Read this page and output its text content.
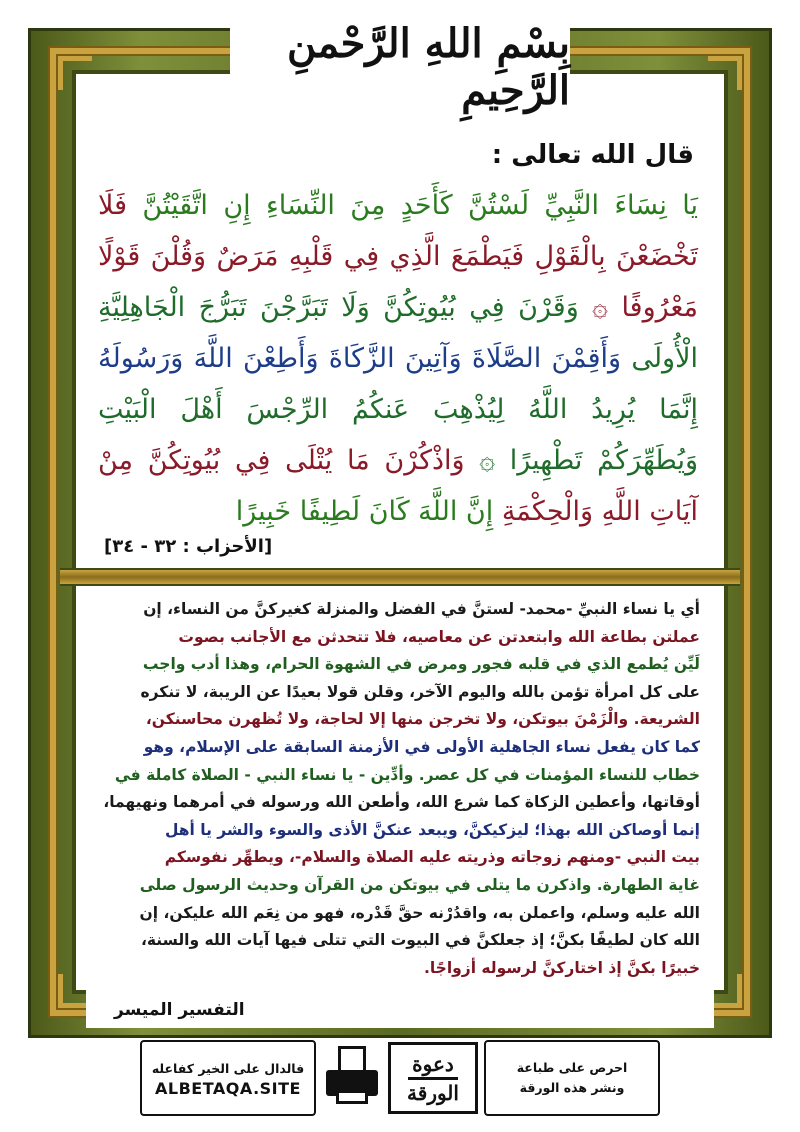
بِسْمِ اللهِ الرَّحْمنِ الرَّحِيمِ
قال الله تعالى :
يَا نِسَاءَ النَّبِيِّ لَسْتُنَّ كَأَحَدٍ مِنَ النِّسَاءِ إِنِ اتَّقَيْتُنَّ فَلَا تَخْضَعْنَ بِالْقَوْلِ فَيَطْمَعَ الَّذِي فِي قَلْبِهِ مَرَضٌ وَقُلْنَ قَوْلًا مَعْرُوفًا ۞ وَقَرْنَ فِي بُيُوتِكُنَّ وَلَا تَبَرَّجْنَ تَبَرُّجَ الْجَاهِلِيَّةِ الْأُولَى وَأَقِمْنَ الصَّلَاةَ وَآتِينَ الزَّكَاةَ وَأَطِعْنَ اللَّهَ وَرَسُولَهُ إِنَّمَا يُرِيدُ اللَّهُ لِيُذْهِبَ عَنكُمُ الرِّجْسَ أَهْلَ الْبَيْتِ وَيُطَهِّرَكُمْ تَطْهِيرًا ۞ وَاذْكُرْنَ مَا يُتْلَى فِي بُيُوتِكُنَّ مِنْ آيَاتِ اللَّهِ وَالْحِكْمَةِ إِنَّ اللَّهَ كَانَ لَطِيفًا خَبِيرًا
[الأحزاب : ٣٢ - ٣٤]
أي يا نساء النبيِّ -محمد- لستنَّ في الفضل والمنزلة كغيركنَّ من النساء، إن
عملتن بطاعة الله وابتعدتن عن معاصيه، فلا تتحدثن مع الأجانب بصوت
لَيِّن يُطمع الذي في قلبه فجور ومرض في الشهوة الحرام، وهذا أدب واجب
على كل امرأة تؤمن بالله واليوم الآخر، وقلن قولا بعيدًا عن الريبة، لا تنكره
الشريعة. والْزَمْنَ بيوتكن، ولا تخرجن منها إلا لحاجة، ولا تُظهرن محاسنكن،
كما كان يفعل نساء الجاهلية الأولى في الأزمنة السابقة على الإسلام، وهو
خطاب للنساء المؤمنات في كل عصر. وأدِّين - يا نساء النبي - الصلاة كاملة في
أوقاتها، وأعطين الزكاة كما شرع الله، وأطعن الله ورسوله في أمرهما ونهيهما،
إنما أوصاكن الله بهذا؛ ليزكيكنَّ، ويبعد عنكنَّ الأذى والسوء والشر يا أهل
بيت النبي -ومنهم زوجاته وذريته عليه الصلاة والسلام-، ويطهِّر نفوسكم
غاية الطهارة. واذكرن ما يتلى في بيوتكن من القرآن وحديث الرسول صلى
الله عليه وسلم، واعملن به، واقدُرْنه حقَّ قَدْره، فهو من نِعَم الله عليكن، إن
الله كان لطيفًا بكنَّ؛ إذ جعلكنَّ في البيوت التي تتلى فيها آيات الله والسنة،
خبيرًا بكنَّ إذ اختاركنَّ لرسوله أزواجًا.
التفسير الميسر
فالدال على الخير كفاعله
ALBETAQA.SITE
دعوة
الورقة
احرص على طباعة
ونشر هذه الورقة
